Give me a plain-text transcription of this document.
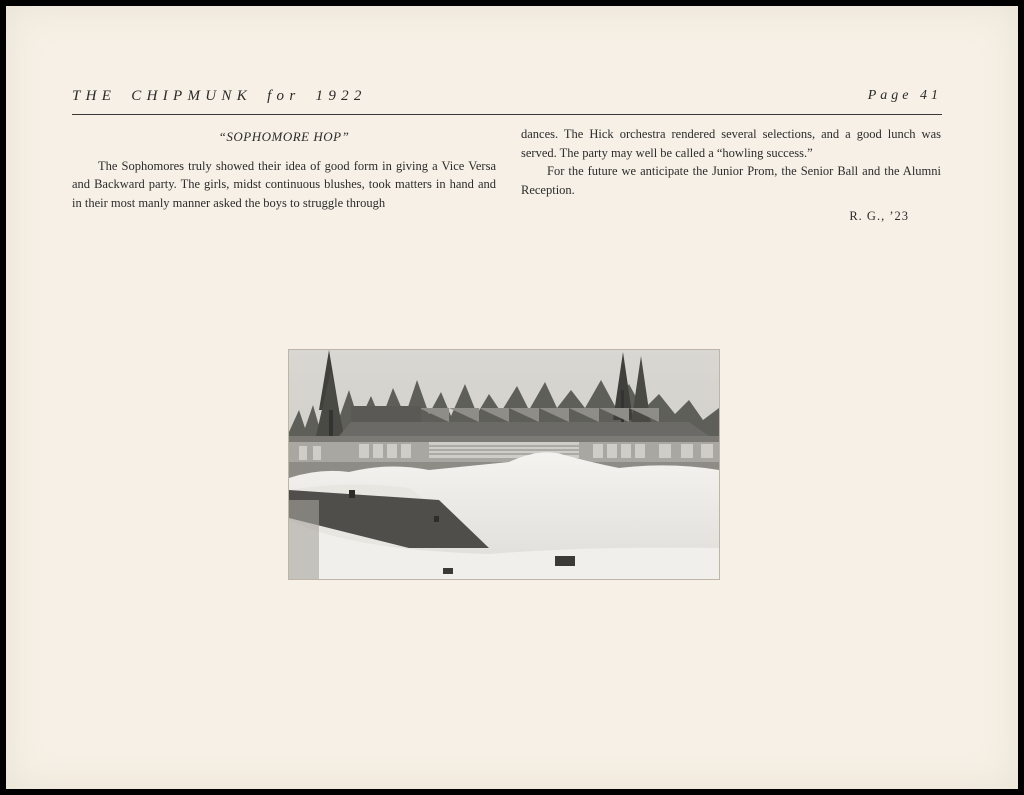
THE CHIPMUNK for 1922	Page 41
“SOPHOMORE HOP”

The Sophomores truly showed their idea of good form in giving a Vice Versa and Backward party. The girls, midst continuous blushes, took matters in hand and in their most manly manner asked the boys to struggle through

dances. The Hick orchestra rendered several selections, and a good lunch was served. The party may well be called a “howling success.”

For the future we anticipate the Junior Prom, the Senior Ball and the Alumni Reception.

R. G., ’23
